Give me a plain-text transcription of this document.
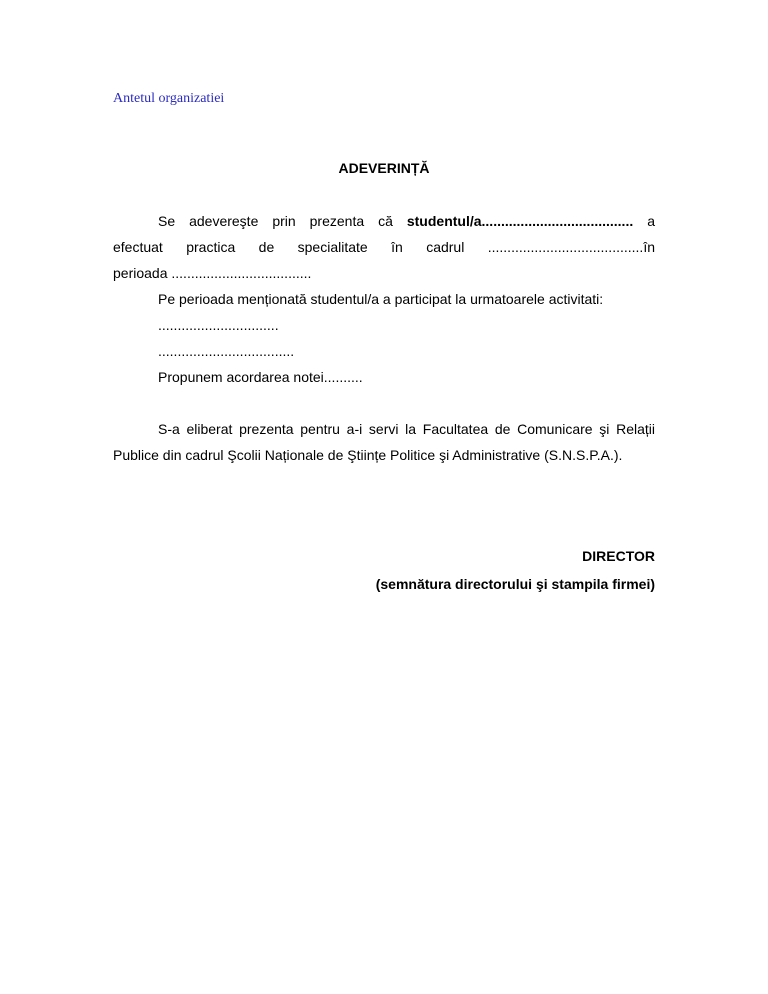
Antetul organizatiei
ADEVERINȚĂ

Se adevereşte prin prezenta că studentul/a....................................... a

efectuat practica de specialitate în cadrul ........................................în

perioada ....................................

Pe perioada menționată studentul/a a participat la urmatoarele activitati:

...............................

...................................

Propunem acordarea notei..........

S-a eliberat prezenta pentru a-i servi la Facultatea de Comunicare şi Relații Publice din cadrul Şcolii Naționale de Ştiințe Politice şi Administrative (S.N.S.P.A.).

DIRECTOR
(semnătura directorului şi stampila firmei)
